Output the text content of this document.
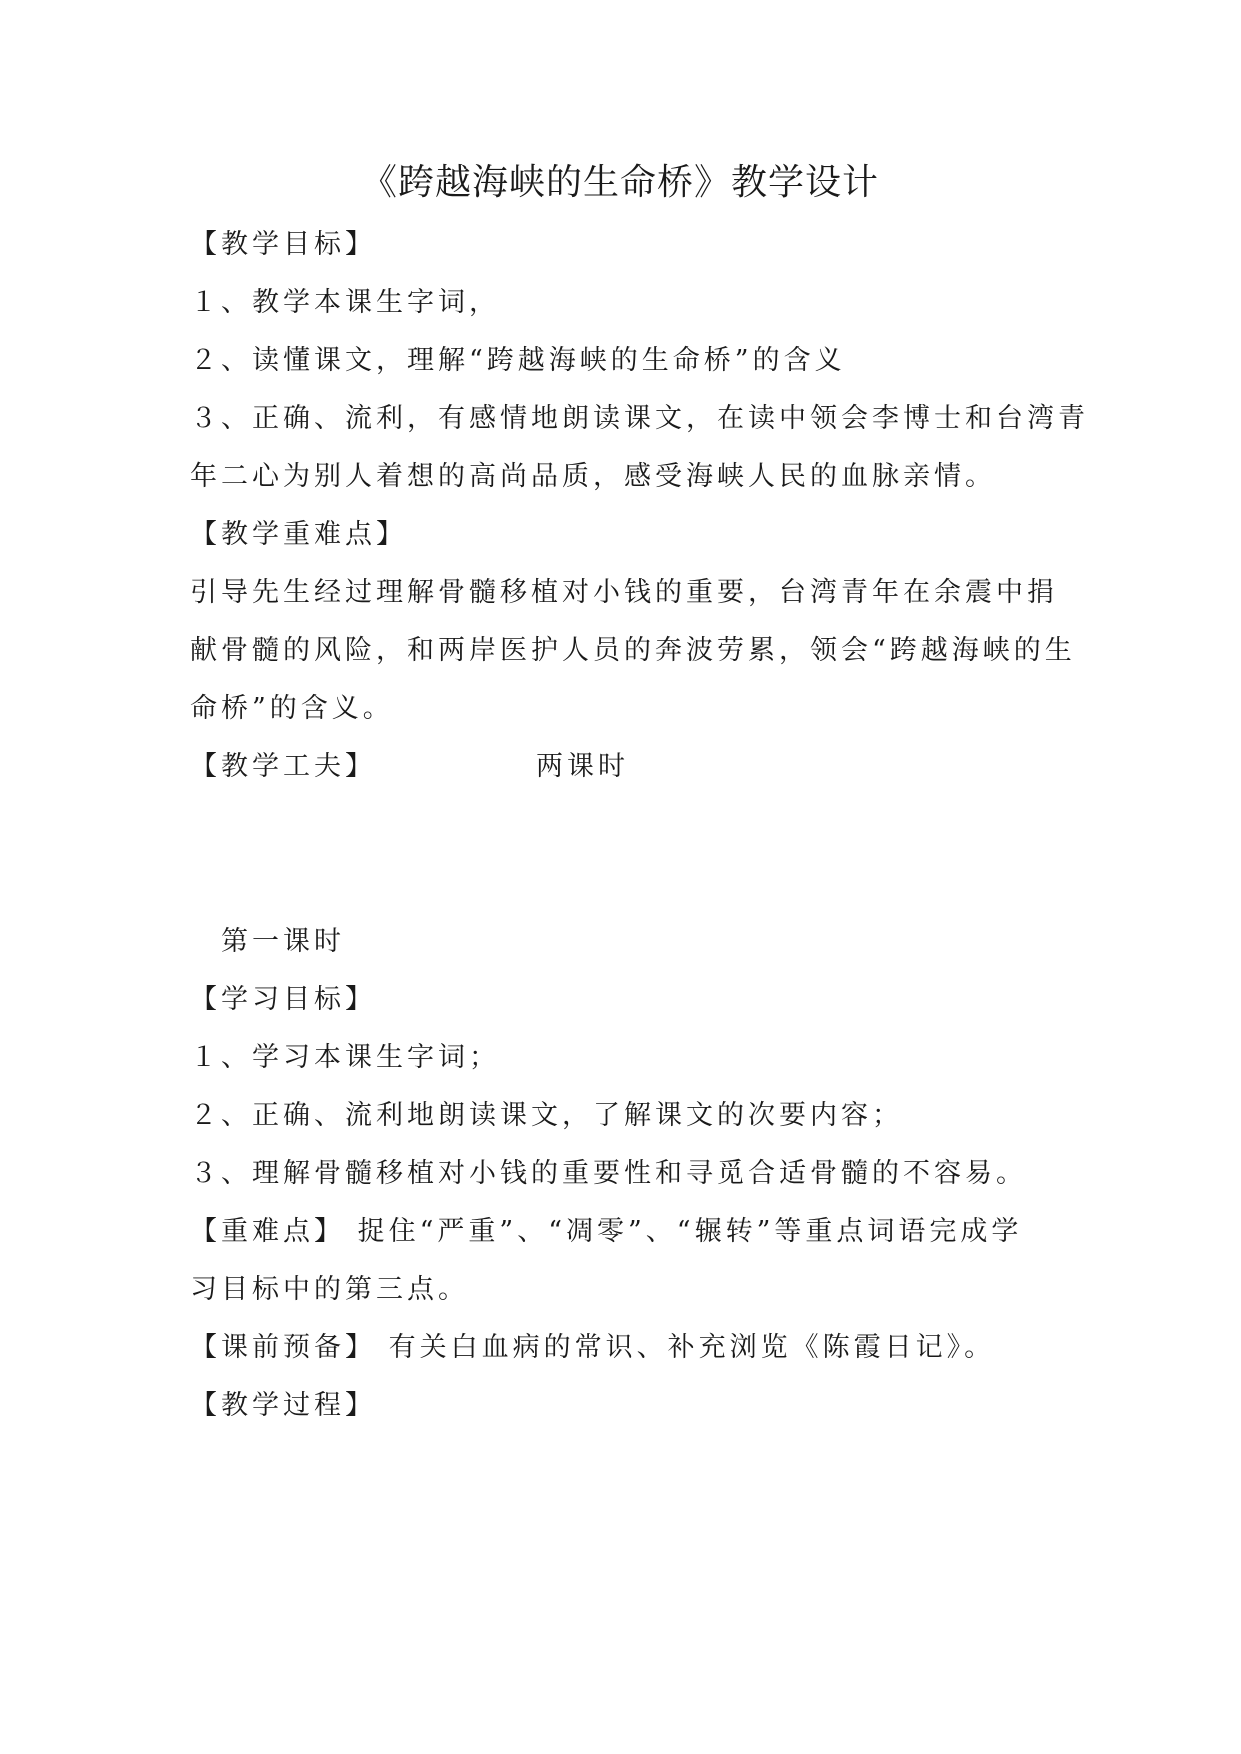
《跨越海峡的生命桥》教学设计
【教学目标】
１、教学本课生字词，
２、读懂课文，理解“跨越海峡的生命桥”的含义
３、正确、流利，有感情地朗读课文，在读中领会李博士和台湾青
年二心为别人着想的高尚品质，感受海峡人民的血脉亲情。
【教学重难点】
引导先生经过理解骨髓移植对小钱的重要，台湾青年在余震中捐
献骨髓的风险，和两岸医护人员的奔波劳累，领会“跨越海峡的生
命桥”的含义。
【教学工夫】	两课时
　第一课时
【学习目标】
１、学习本课生字词；
２、正确、流利地朗读课文，了解课文的次要内容；
３、理解骨髓移植对小钱的重要性和寻觅合适骨髓的不容易。
【重难点】 捉住“严重”、“凋零”、“辗转”等重点词语完成学
习目标中的第三点。
【课前预备】 有关白血病的常识、补充浏览《陈霞日记》。
【教学过程】
